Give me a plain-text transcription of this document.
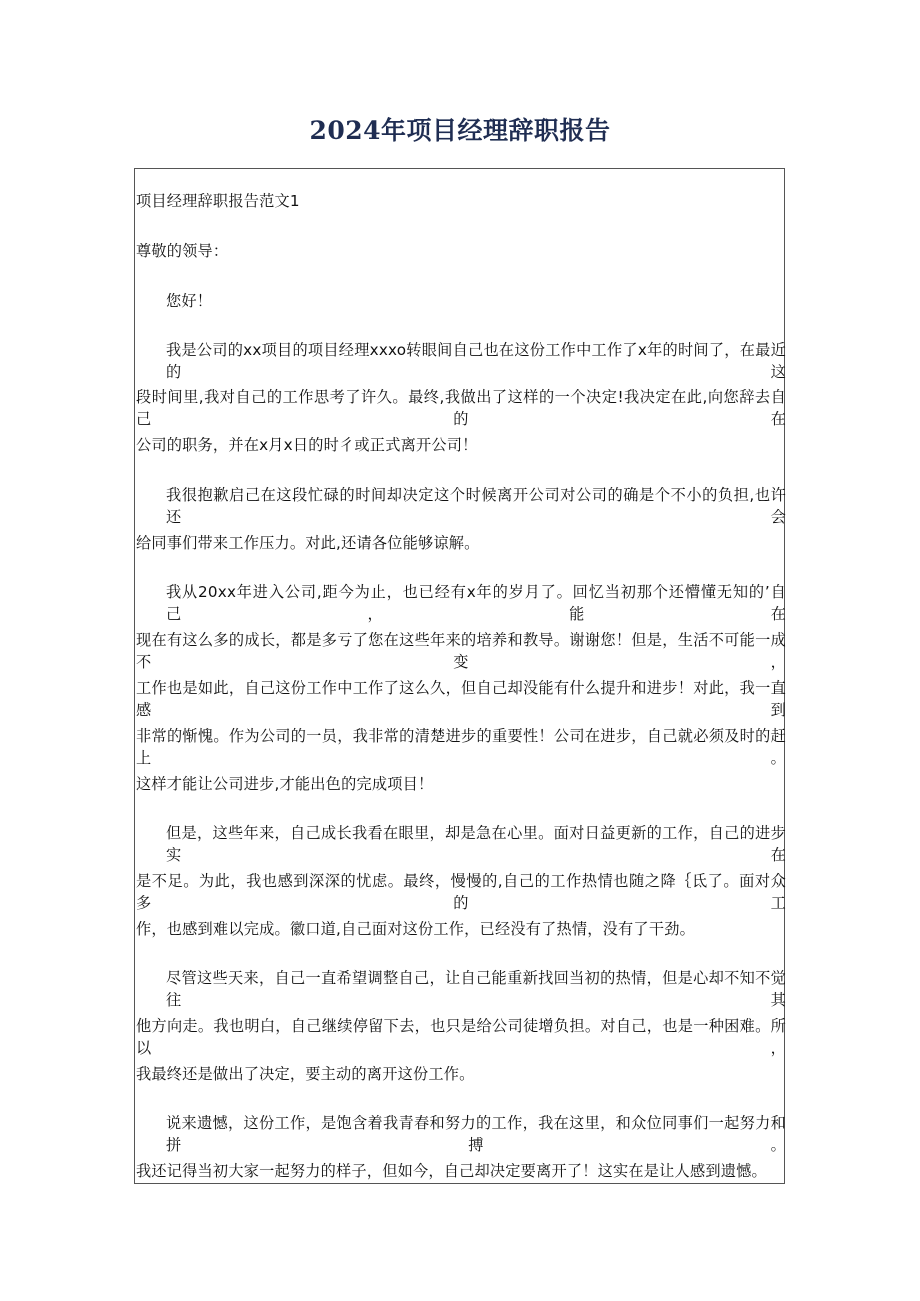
2024年项目经理辞职报告
项目经理辞职报告范文1
尊敬的领导：
您好！
我是公司的xx项目的项目经理xxxo转眼间自己也在这份工作中工作了x年的时间了，在最近的这
段时间里,我对自己的工作思考了许久。最终,我做出了这样的一个决定!我决定在此,向您辞去自己的在
公司的职务，并在x月x日的时彳或正式离开公司！
我很抱歉启己在这段忙碌的时间却决定这个时候离开公司对公司的确是个不小的负担,也许还会
给同事们带来工作压力。对此,还请各位能够谅解。
我从20xx年进入公司,距今为止，也已经有x年的岁月了。回忆当初那个还懵懂无知的’自己，能在
现在有这么多的成长，都是多亏了您在这些年来的培养和教导。谢谢您！但是，生活不可能一成不变，
工作也是如此，自己这份工作中工作了这么久，但自己却没能有什么提升和进步！对此，我一直感到
非常的惭愧。作为公司的一员，我非常的清楚进步的重要性！公司在进步，自己就必须及时的赶上。
这样才能让公司进步,才能出色的完成项目！
但是，这些年来，自己成长我看在眼里，却是急在心里。面对日益更新的工作，自己的进步实在
是不足。为此，我也感到深深的忧虑。最终，慢慢的,自己的工作热情也随之降｛氐了。面对众多的工
作，也感到难以完成。徽口道,自己面对这份工作，已经没有了热情，没有了干劲。
尽管这些天来，自己一直希望调整自己，让自己能重新找回当初的热情，但是心却不知不觉往其
他方向走。我也明白，自己继续停留下去，也只是给公司徒增负担。对自己，也是一种困难。所以，
我最终还是做出了决定，要主动的离开这份工作。
说来遗憾，这份工作，是饱含着我青春和努力的工作，我在这里，和众位同事们一起努力和拼搏。
我还记得当初大家一起努力的样子，但如今，自己却决定要离开了！这实在是让人感到遗憾。
